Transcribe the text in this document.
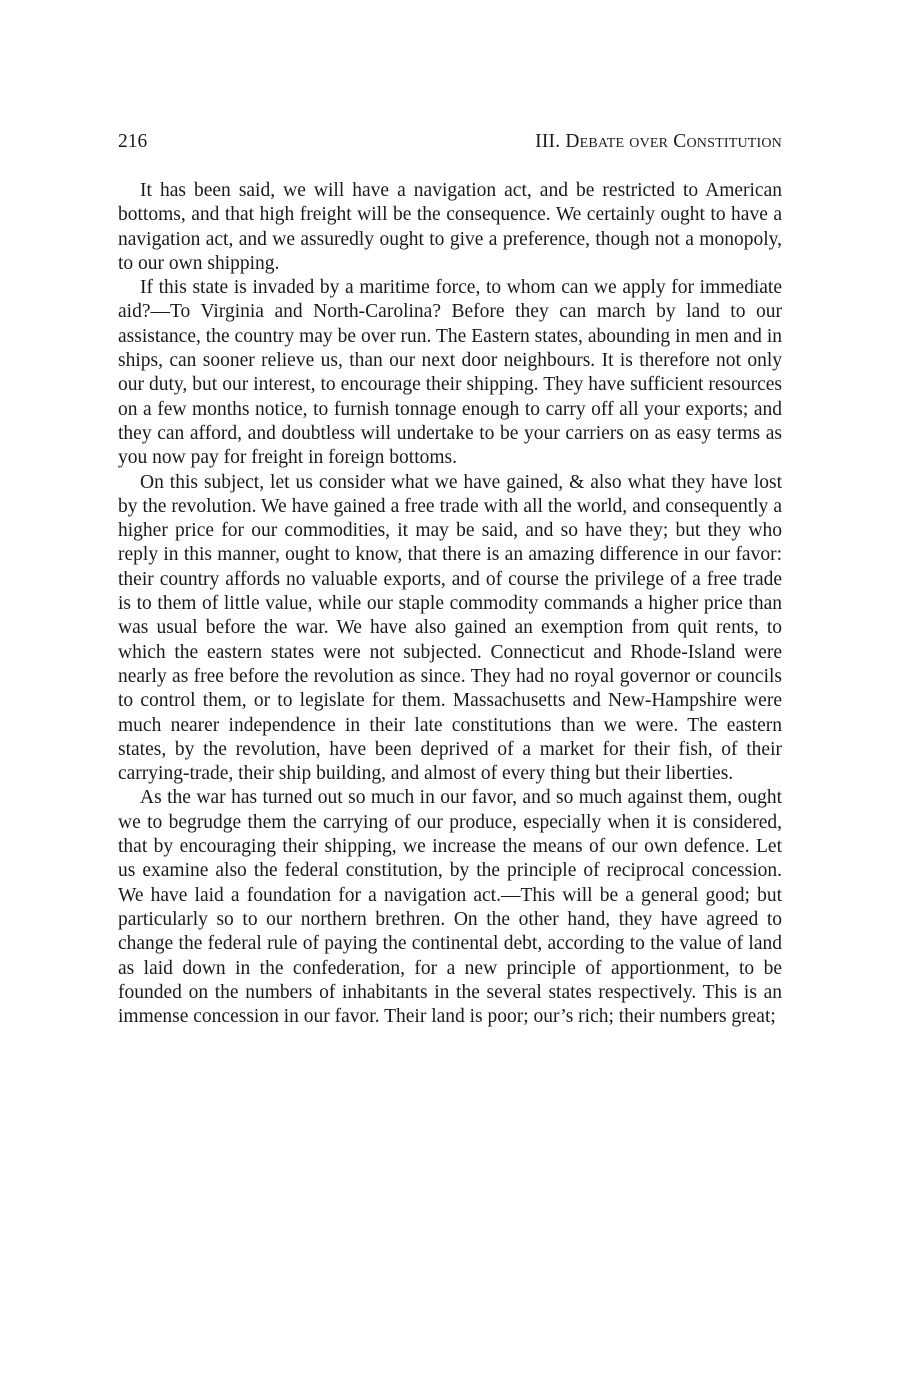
216	III. Debate over Constitution

It has been said, we will have a navigation act, and be restricted to American bottoms, and that high freight will be the consequence. We certainly ought to have a navigation act, and we assuredly ought to give a preference, though not a monopoly, to our own shipping.

If this state is invaded by a maritime force, to whom can we apply for immediate aid?—To Virginia and North-Carolina? Before they can march by land to our assistance, the country may be over run. The Eastern states, abounding in men and in ships, can sooner relieve us, than our next door neighbours. It is therefore not only our duty, but our interest, to encourage their shipping. They have sufficient resources on a few months notice, to furnish tonnage enough to carry off all your exports; and they can afford, and doubtless will undertake to be your carriers on as easy terms as you now pay for freight in foreign bottoms.

On this subject, let us consider what we have gained, & also what they have lost by the revolution. We have gained a free trade with all the world, and consequently a higher price for our commodities, it may be said, and so have they; but they who reply in this manner, ought to know, that there is an amazing difference in our favor: their country affords no valuable exports, and of course the privilege of a free trade is to them of little value, while our staple commodity commands a higher price than was usual before the war. We have also gained an exemption from quit rents, to which the eastern states were not subjected. Connecticut and Rhode-Island were nearly as free before the revolution as since. They had no royal governor or councils to control them, or to legislate for them. Massachusetts and New-Hampshire were much nearer independence in their late constitutions than we were. The eastern states, by the revolution, have been deprived of a market for their fish, of their carrying-trade, their ship building, and almost of every thing but their liberties.

As the war has turned out so much in our favor, and so much against them, ought we to begrudge them the carrying of our produce, especially when it is considered, that by encouraging their shipping, we increase the means of our own defence. Let us examine also the federal constitution, by the principle of reciprocal concession. We have laid a foundation for a navigation act.—This will be a general good; but particularly so to our northern brethren. On the other hand, they have agreed to change the federal rule of paying the continental debt, according to the value of land as laid down in the confederation, for a new principle of apportionment, to be founded on the numbers of inhabitants in the several states respectively. This is an immense concession in our favor. Their land is poor; our’s rich; their numbers great;
